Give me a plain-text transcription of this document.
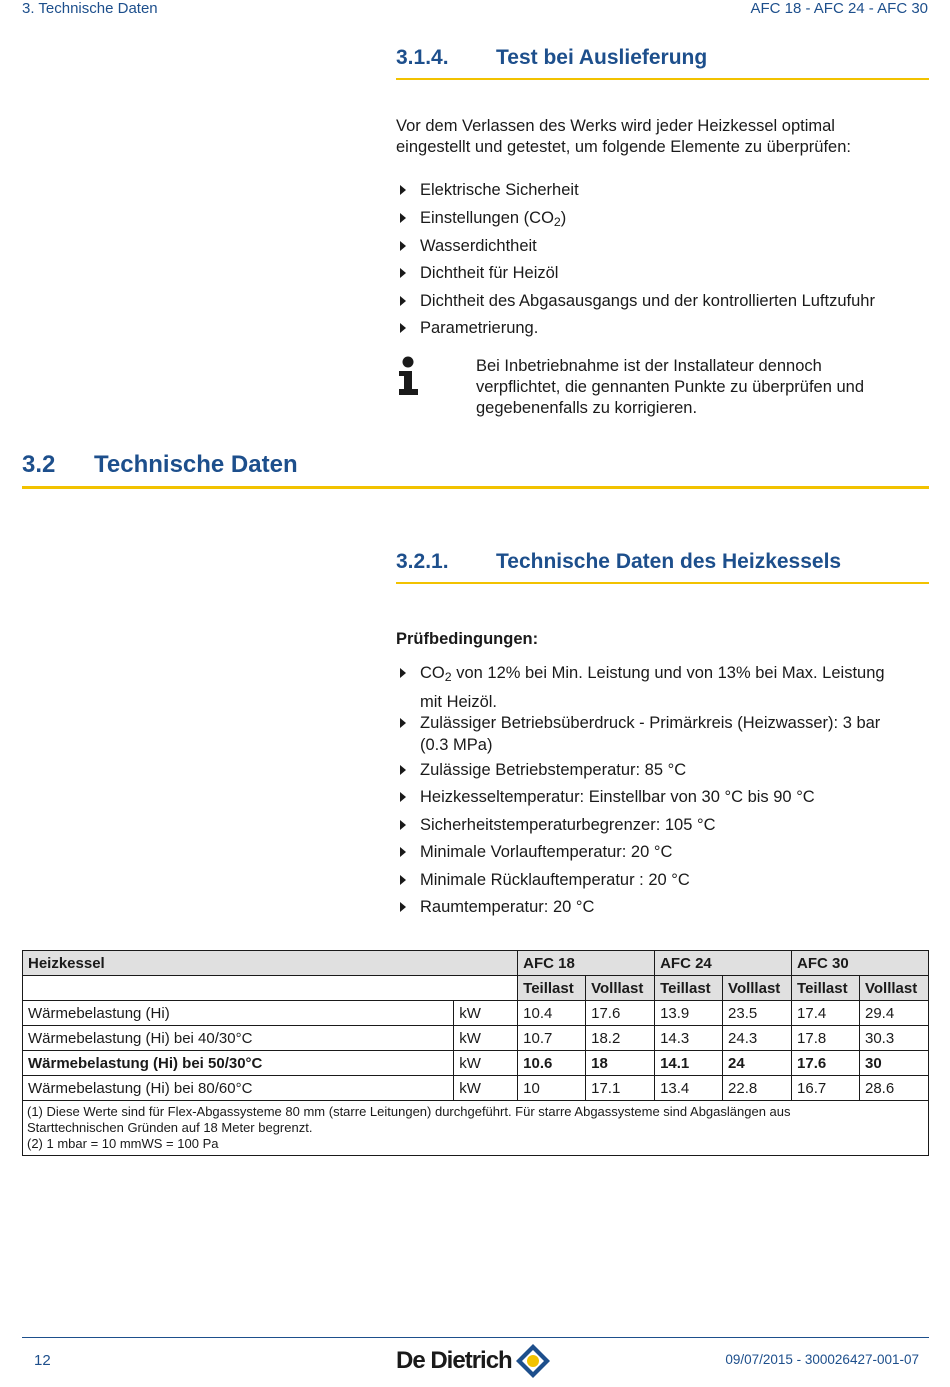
3. Technische Daten	AFC 18 - AFC 24 - AFC 30
3.1.4. Test bei Auslieferung
Vor dem Verlassen des Werks wird jeder Heizkessel optimal
eingestellt und getestet, um folgende Elemente zu überprüfen:
Elektrische Sicherheit
Einstellungen $(CO_2)$
Wasserdichtheit
Dichtheit für Heizöl
Dichtheit des Abgasausgangs und der kontrollierten Luftzufuhr
Parametrierung.
Bei Inbetriebnahme ist der Installateur dennoch
verpflichtet, die gennanten Punkte zu überprüfen und
gegebenenfalls zu korrigieren.
3.2 Technische Daten
3.2.1. Technische Daten des Heizkessels
Prüfbedingungen:
$CO_2$ von 12% bei Min. Leistung und von 13% bei Max. Leistung
mit Heizöl.
Zulässiger Betriebsüberdruck - Primärkreis (Heizwasser): 3 bar
(0.3 MPa)
Zulässige Betriebstemperatur: 85 °C
Heizkesseltemperatur: Einstellbar von 30 °C bis 90 °C
Sicherheitstemperaturbegrenzer: 105 °C
Minimale Vorlauftemperatur: 20 °C
Minimale Rücklauftemperatur : 20 °C
Raumtemperatur: 20 °C
Heizkessel		AFC 18		AFC 24		AFC 30	
		Teillast	Volllast	Teillast	Volllast	Teillast	Volllast
Wärmebelastung (Hi)	kW	10.4	17.6	13.9	23.5	17.4	29.4
Wärmebelastung (Hi) bei 40/30°C	kW	10.7	18.2	14.3	24.3	17.8	30.3
Wärmebelastung (Hi) bei 50/30°C	kW	10.6	18	14.1	24	17.6	30
Wärmebelastung (Hi) bei 80/60°C	kW	10	17.1	13.4	22.8	16.7	28.6

(1) Diese Werte sind für Flex-Abgassysteme 80 mm (starre Leitungen) durchgeführt. Für starre Abgassysteme sind Abgaslängen aus
Starttechnischen Gründen auf 18 Meter begrenzt.
(2) 1 mbar = 10 mmWS = 100 Pa							
12	De Dietrich	09/07/2015 - 300026427-001-07
